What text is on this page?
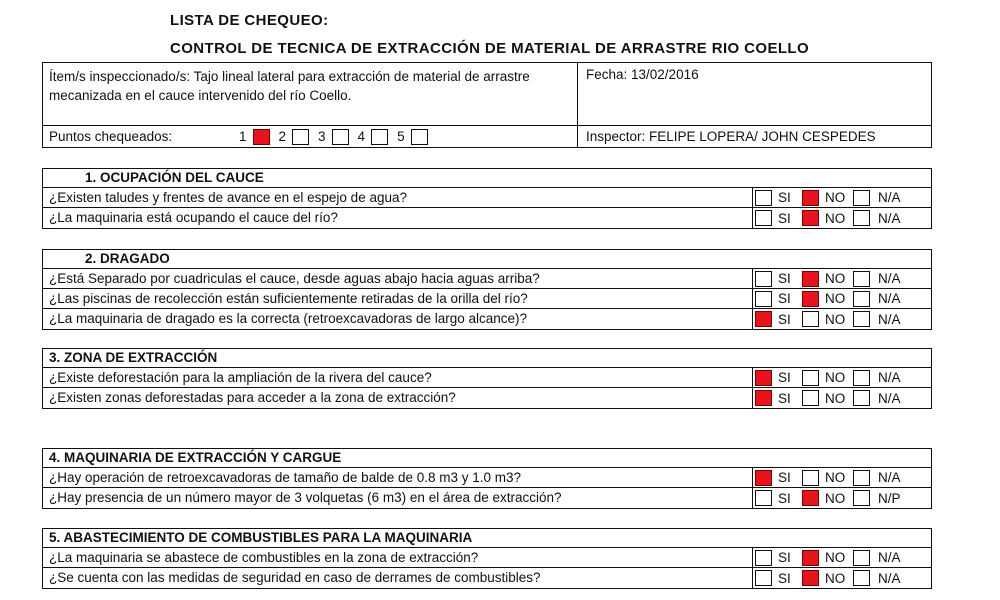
LISTA DE CHEQUEO:
CONTROL DE TECNICA DE EXTRACCIÓN DE MATERIAL DE ARRASTRE RIO COELLO
Ítem/s inspeccionado/s: Tajo lineal lateral para extracción de material de arrastre mecanizada en el cauce intervenido del río Coello.
Fecha: 13/02/2016
Puntos chequeados:	1 2 3 4 5	Inspector: FELIPE LOPERA/ JOHN CESPEDES
1. OCUPACIÓN DEL CAUCE
¿Existen taludes y frentes de avance en el espejo de agua?	SI	NO	N/A
¿La maquinaria está ocupando el cauce del río?	SI	NO	N/A
2. DRAGADO
¿Está Separado por cuadriculas el cauce, desde aguas abajo hacia aguas arriba?	SI	NO	N/A
¿Las piscinas de recolección están suficientemente retiradas de la orilla del río?	SI	NO	N/A
¿La maquinaria de dragado es la correcta (retroexcavadoras de largo alcance)?	SI	NO	N/A
3. ZONA DE EXTRACCIÓN
¿Existe deforestación para la ampliación de la rivera del cauce?	SI	NO	N/A
¿Existen zonas deforestadas para acceder a la zona de extracción?	SI	NO	N/A
4. MAQUINARIA DE EXTRACCIÓN Y CARGUE
¿Hay operación de retroexcavadoras de tamaño de balde de 0.8 m3 y 1.0 m3?	SI	NO	N/A
¿Hay presencia de un número mayor de 3 volquetas (6 m3) en el área de extracción?	SI	NO	N/P
5. ABASTECIMIENTO DE COMBUSTIBLES PARA LA MAQUINARIA
¿La maquinaria se abastece de combustibles en la zona de extracción?	SI	NO	N/A
¿Se cuenta con las medidas de seguridad en caso de derrames de combustibles?	SI	NO	N/A
